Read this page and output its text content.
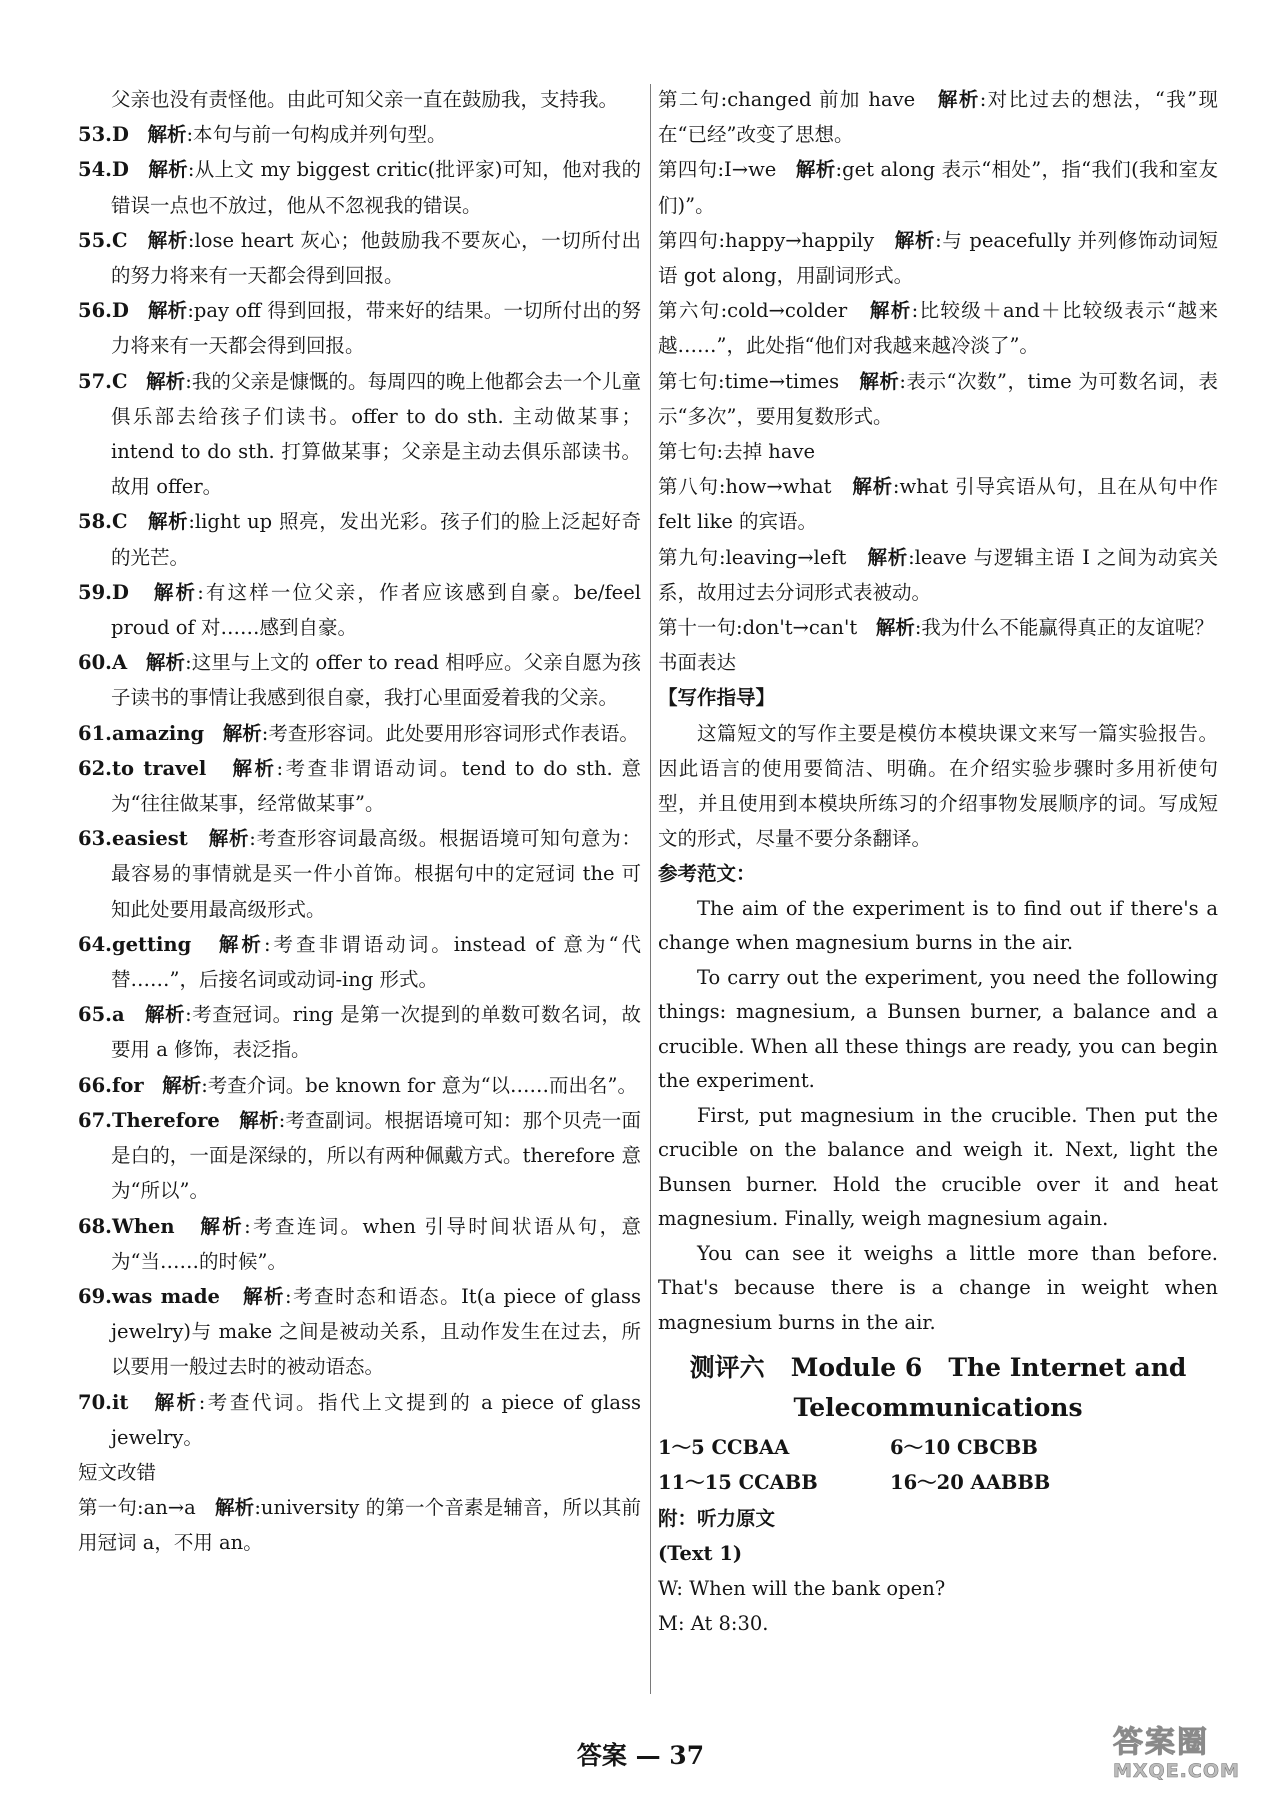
父亲也没有责怪他。由此可知父亲一直在鼓励我，支持我。

53.D 解析:本句与前一句构成并列句型。

54.D 解析:从上文 my biggest critic(批评家)可知，他对我的错误一点也不放过，他从不忽视我的错误。

55.C 解析:lose heart 灰心；他鼓励我不要灰心，一切所付出的努力将来有一天都会得到回报。

56.D 解析:pay off 得到回报，带来好的结果。一切所付出的努力将来有一天都会得到回报。

57.C 解析:我的父亲是慷慨的。每周四的晚上他都会去一个儿童俱乐部去给孩子们读书。offer to do sth. 主动做某事；intend to do sth. 打算做某事；父亲是主动去俱乐部读书。故用 offer。

58.C 解析:light up 照亮，发出光彩。孩子们的脸上泛起好奇的光芒。

59.D 解析:有这样一位父亲，作者应该感到自豪。be/feel proud of 对……感到自豪。

60.A 解析:这里与上文的 offer to read 相呼应。父亲自愿为孩子读书的事情让我感到很自豪，我打心里面爱着我的父亲。

61.amazing 解析:考查形容词。此处要用形容词形式作表语。

62.to travel 解析:考查非谓语动词。tend to do sth. 意为“往往做某事，经常做某事”。

63.easiest 解析:考查形容词最高级。根据语境可知句意为：最容易的事情就是买一件小首饰。根据句中的定冠词 the 可知此处要用最高级形式。

64.getting 解析:考查非谓语动词。instead of 意为“代替……”，后接名词或动词-ing 形式。

65.a 解析:考查冠词。ring 是第一次提到的单数可数名词，故要用 a 修饰，表泛指。

66.for 解析:考查介词。be known for 意为“以……而出名”。

67.Therefore 解析:考查副词。根据语境可知：那个贝壳一面是白的，一面是深绿的，所以有两种佩戴方式。therefore 意为“所以”。

68.When 解析:考查连词。when 引导时间状语从句，意为“当……的时候”。

69.was made 解析:考查时态和语态。It(a piece of glass jewelry)与 make 之间是被动关系，且动作发生在过去，所以要用一般过去时的被动语态。

70.it 解析:考查代词。指代上文提到的 a piece of glass jewelry。

短文改错

第一句:an→a 解析:university 的第一个音素是辅音，所以其前用冠词 a，不用 an。

第二句:changed 前加 have 解析:对比过去的想法，“我”现在“已经”改变了思想。

第四句:I→we 解析:get along 表示“相处”，指“我们(我和室友们)”。

第四句:happy→happily 解析:与 peacefully 并列修饰动词短语 got along，用副词形式。

第六句:cold→colder 解析:比较级＋and＋比较级表示“越来越……”，此处指“他们对我越来越冷淡了”。

第七句:time→times 解析:表示“次数”，time 为可数名词，表示“多次”，要用复数形式。

第七句:去掉 have

第八句:how→what 解析:what 引导宾语从句，且在从句中作 felt like 的宾语。

第九句:leaving→left 解析:leave 与逻辑主语 I 之间为动宾关系，故用过去分词形式表被动。

第十一句:don't→can't 解析:我为什么不能赢得真正的友谊呢？

书面表达

【写作指导】

这篇短文的写作主要是模仿本模块课文来写一篇实验报告。因此语言的使用要简洁、明确。在介绍实验步骤时多用祈使句型，并且使用到本模块所练习的介绍事物发展顺序的词。写成短文的形式，尽量不要分条翻译。

参考范文：

The aim of the experiment is to find out if there's a change when magnesium burns in the air.

To carry out the experiment, you need the following things: magnesium, a Bunsen burner, a balance and a crucible. When all these things are ready, you can begin the experiment.

First, put magnesium in the crucible. Then put the crucible on the balance and weigh it. Next, light the Bunsen burner. Hold the crucible over it and heat magnesium. Finally, weigh magnesium again.

You can see it weighs a little more than before. That's because there is a change in weight when magnesium burns in the air.

测评六 Module 6   The Internet and
Telecommunications

1～5 CCBAA	6～10 CBCBB
11～15 CCABB	16～20 AABBB

附：听力原文

(Text 1)

W: When will the bank open?

M: At 8:30.

答案 — 37	答案圈
MXQE.COM
